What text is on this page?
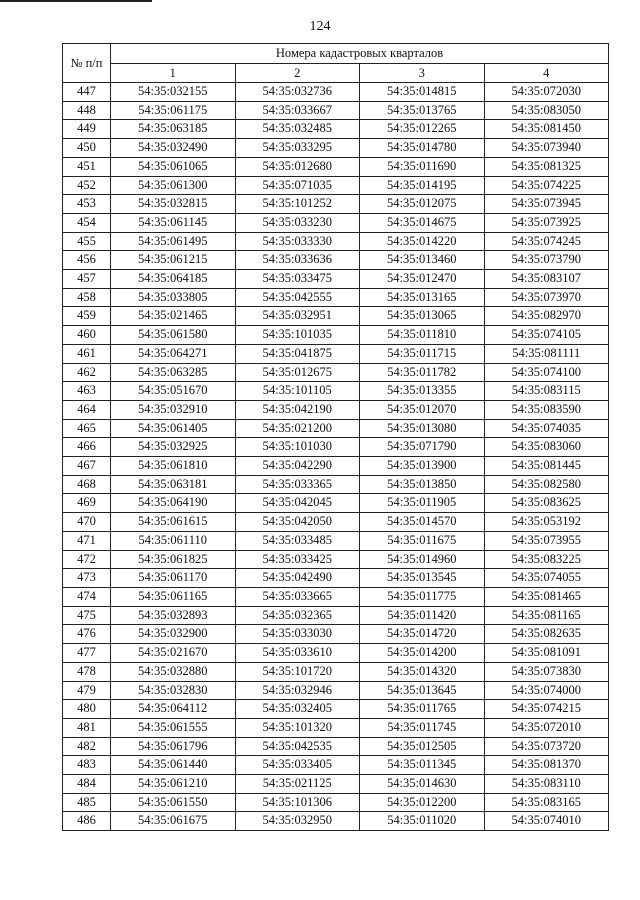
124
№ п/п	Номера кадастровых кварталов			
	1	2	3	4
447	54:35:032155	54:35:032736	54:35:014815	54:35:072030
448	54:35:061175	54:35:033667	54:35:013765	54:35:083050
449	54:35:063185	54:35:032485	54:35:012265	54:35:081450
450	54:35:032490	54:35:033295	54:35:014780	54:35:073940
451	54:35:061065	54:35:012680	54:35:011690	54:35:081325
452	54:35:061300	54:35:071035	54:35:014195	54:35:074225
453	54:35:032815	54:35:101252	54:35:012075	54:35:073945
454	54:35:061145	54:35:033230	54:35:014675	54:35:073925
455	54:35:061495	54:35:033330	54:35:014220	54:35:074245
456	54:35:061215	54:35:033636	54:35:013460	54:35:073790
457	54:35:064185	54:35:033475	54:35:012470	54:35:083107
458	54:35:033805	54:35:042555	54:35:013165	54:35:073970
459	54:35:021465	54:35:032951	54:35:013065	54:35:082970
460	54:35:061580	54:35:101035	54:35:011810	54:35:074105
461	54:35:064271	54:35:041875	54:35:011715	54:35:081111
462	54:35:063285	54:35:012675	54:35:011782	54:35:074100
463	54:35:051670	54:35:101105	54:35:013355	54:35:083115
464	54:35:032910	54:35:042190	54:35:012070	54:35:083590
465	54:35:061405	54:35:021200	54:35:013080	54:35:074035
466	54:35:032925	54:35:101030	54:35:071790	54:35:083060
467	54:35:061810	54:35:042290	54:35:013900	54:35:081445
468	54:35:063181	54:35:033365	54:35:013850	54:35:082580
469	54:35:064190	54:35:042045	54:35:011905	54:35:083625
470	54:35:061615	54:35:042050	54:35:014570	54:35:053192
471	54:35:061110	54:35:033485	54:35:011675	54:35:073955
472	54:35:061825	54:35:033425	54:35:014960	54:35:083225
473	54:35:061170	54:35:042490	54:35:013545	54:35:074055
474	54:35:061165	54:35:033665	54:35:011775	54:35:081465
475	54:35:032893	54:35:032365	54:35:011420	54:35:081165
476	54:35:032900	54:35:033030	54:35:014720	54:35:082635
477	54:35:021670	54:35:033610	54:35:014200	54:35:081091
478	54:35:032880	54:35:101720	54:35:014320	54:35:073830
479	54:35:032830	54:35:032946	54:35:013645	54:35:074000
480	54:35:064112	54:35:032405	54:35:011765	54:35:074215
481	54:35:061555	54:35:101320	54:35:011745	54:35:072010
482	54:35:061796	54:35:042535	54:35:012505	54:35:073720
483	54:35:061440	54:35:033405	54:35:011345	54:35:081370
484	54:35:061210	54:35:021125	54:35:014630	54:35:083110
485	54:35:061550	54:35:101306	54:35:012200	54:35:083165
486	54:35:061675	54:35:032950	54:35:011020	54:35:074010
